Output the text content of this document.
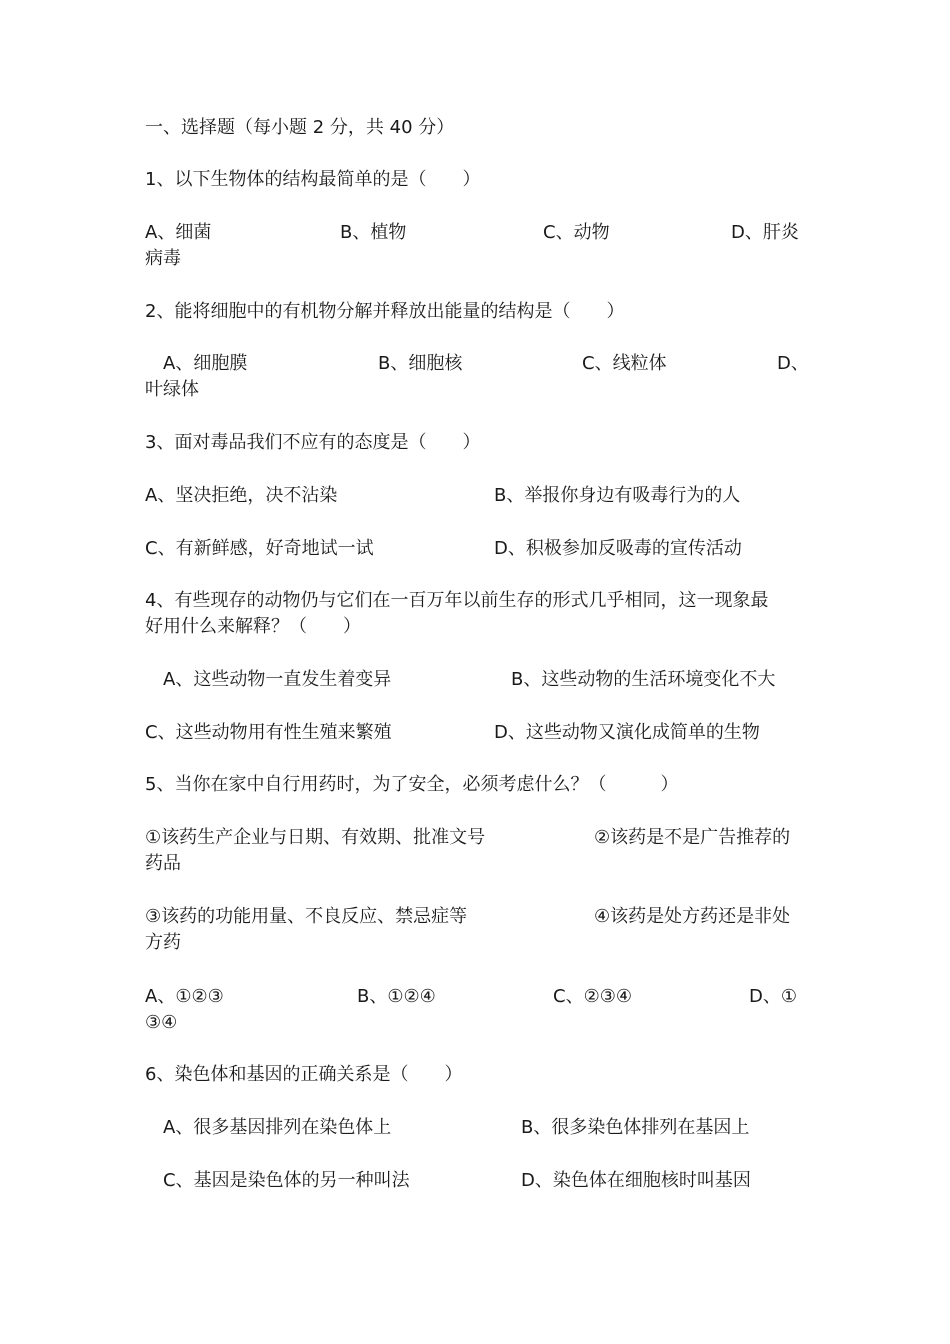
一、选择题（每小题 2 分，共 40 分）
1、以下生物体的结构最简单的是（　　）
A、细菌	B、植物	C、动物	D、肝炎
病毒
2、能将细胞中的有机物分解并释放出能量的结构是（　　）
A、细胞膜	B、细胞核	C、线粒体	D、
叶绿体
3、面对毒品我们不应有的态度是（　　）
A、坚决拒绝，决不沾染	B、举报你身边有吸毒行为的人
C、有新鲜感，好奇地试一试	D、积极参加反吸毒的宣传活动
4、有些现存的动物仍与它们在一百万年以前生存的形式几乎相同，这一现象最
好用什么来解释？（　　）
A、这些动物一直发生着变异	B、这些动物的生活环境变化不大
C、这些动物用有性生殖来繁殖	D、这些动物又演化成简单的生物
5、当你在家中自行用药时，为了安全，必须考虑什么？（　　　）
①该药生产企业与日期、有效期、批准文号	②该药是不是广告推荐的
药品
③该药的功能用量、不良反应、禁忌症等	④该药是处方药还是非处
方药
A、①②③	B、①②④	C、②③④	D、①
③④
6、染色体和基因的正确关系是（　　）
A、很多基因排列在染色体上	B、很多染色体排列在基因上
C、基因是染色体的另一种叫法	D、染色体在细胞核时叫基因
